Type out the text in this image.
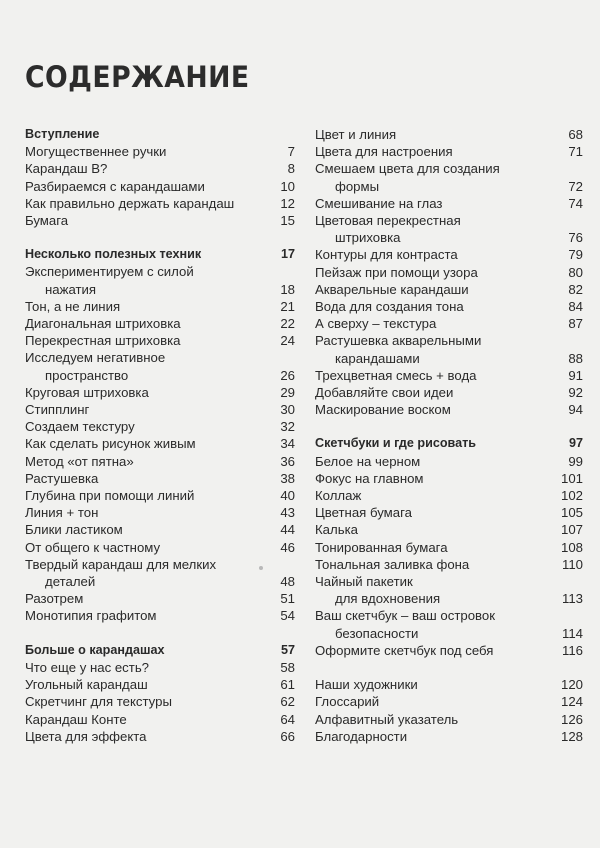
СОДЕРЖАНИЕ
Вступление
Могущественнее ручки	7
Карандаш В?	8
Разбираемся с карандашами	10
Как правильно держать карандаш	12
Бумага	15
Несколько полезных техник	17
Экспериментируем с силой
нажатия	18
Тон, а не линия	21
Диагональная штриховка	22
Перекрестная штриховка	24
Исследуем негативное
пространство	26
Круговая штриховка	29
Стипплинг	30
Создаем текстуру	32
Как сделать рисунок живым	34
Метод «от пятна»	36
Растушевка	38
Глубина при помощи линий	40
Линия + тон	43
Блики ластиком	44
От общего к частному	46
Твердый карандаш для мелких
деталей	48
Разотрем	51
Монотипия графитом	54
Больше о карандашах	57
Что еще у нас есть?	58
Угольный карандаш	61
Скретчинг для текстуры	62
Карандаш Конте	64
Цвета для эффекта	66
Цвет и линия	68
Цвета для настроения	71
Смешаем цвета для создания
формы	72
Смешивание на глаз	74
Цветовая перекрестная
штриховка	76
Контуры для контраста	79
Пейзаж при помощи узора	80
Акварельные карандаши	82
Вода для создания тона	84
А сверху – текстура	87
Растушевка акварельными
карандашами	88
Трехцветная смесь + вода	91
Добавляйте свои идеи	92
Маскирование воском	94
Скетчбуки и где рисовать	97
Белое на черном	99
Фокус на главном	101
Коллаж	102
Цветная бумага	105
Калька	107
Тонированная бумага	108
Тональная заливка фона	110
Чайный пакетик
для вдохновения	113
Ваш скетчбук – ваш островок
безопасности	114
Оформите скетчбук под себя	116
Наши художники	120
Глоссарий	124
Алфавитный указатель	126
Благодарности	128
